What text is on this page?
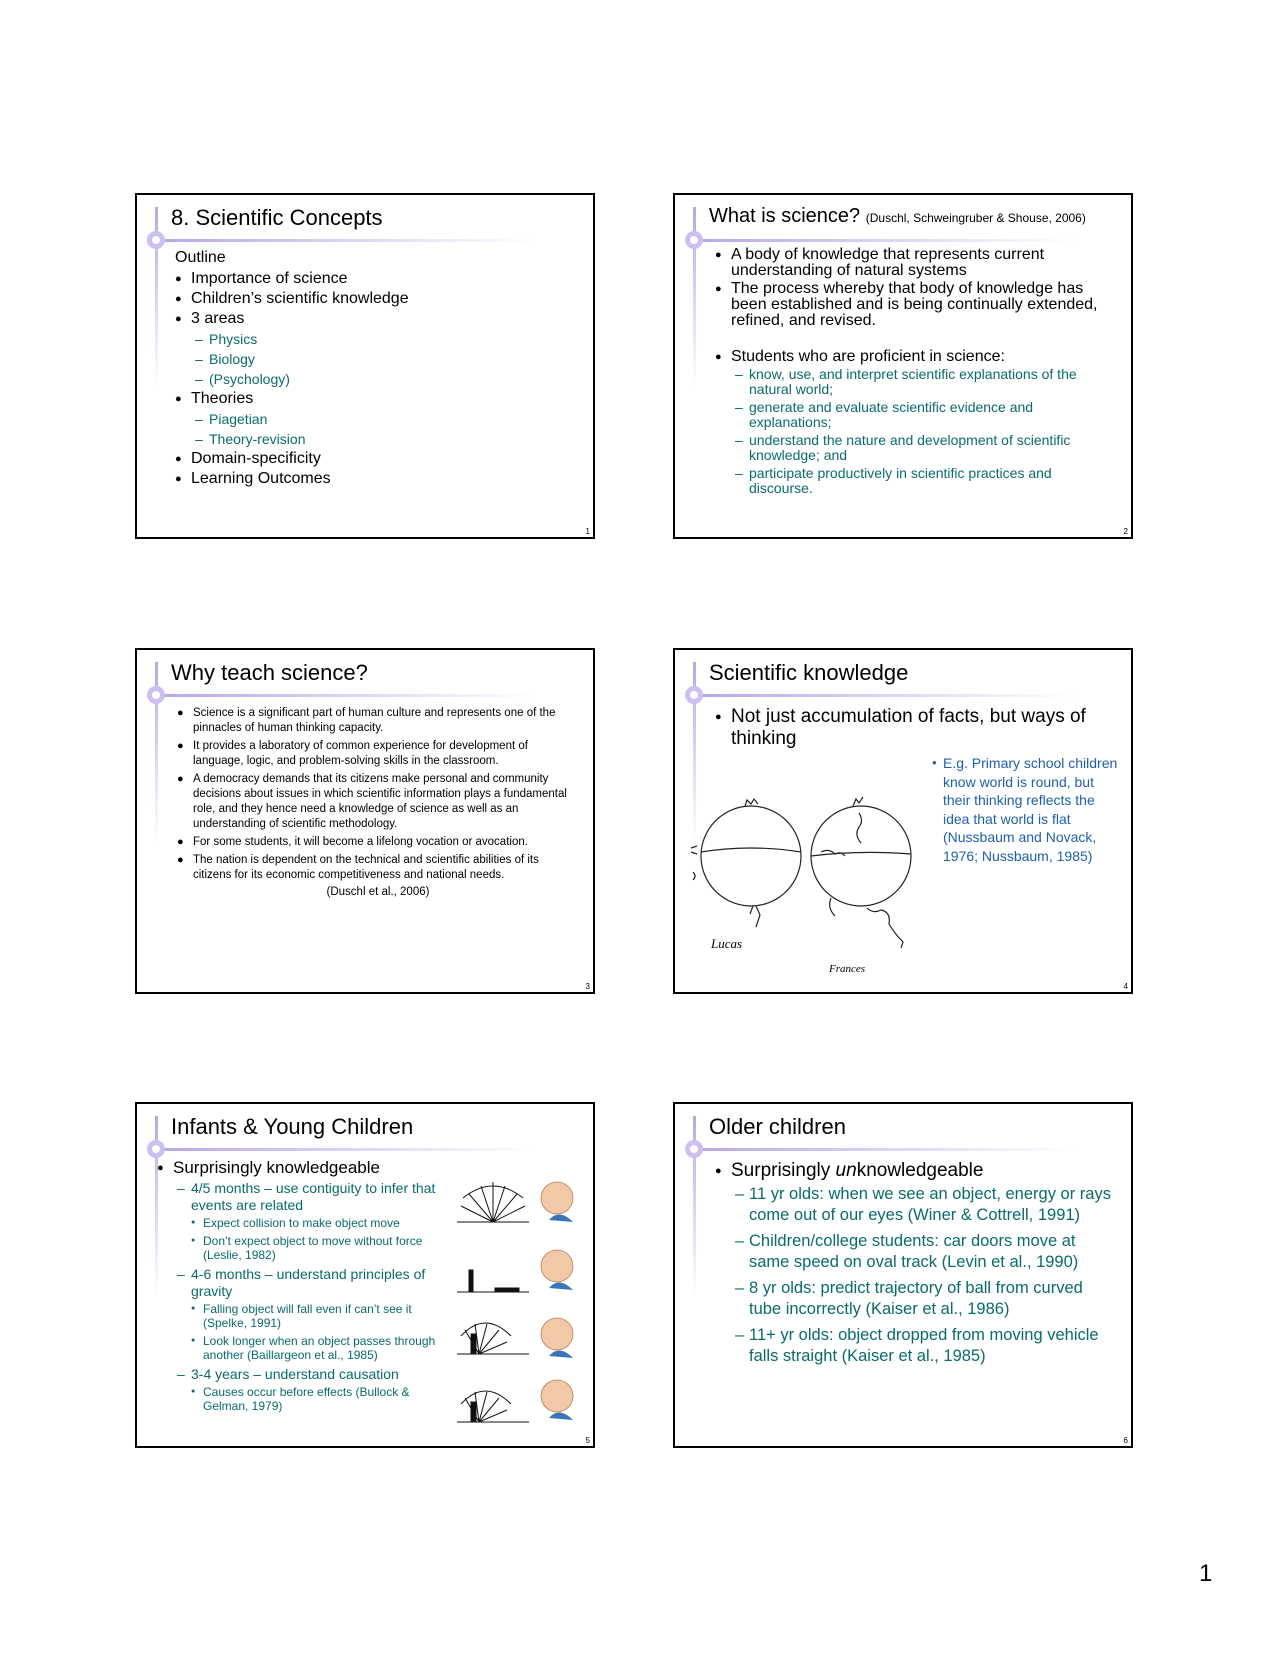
8. Scientific Concepts
Outline
● Importance of science
● Children’s scientific knowledge
● 3 areas
– Physics
– Biology
– (Psychology)
● Theories
– Piagetian
– Theory-revision
● Domain-specificity
● Learning Outcomes
1
What is science? (Duschl, Schweingruber & Shouse, 2006)
● A body of knowledge that represents current understanding of natural systems
● The process whereby that body of knowledge has been established and is being continually extended, refined, and revised.
● Students who are proficient in science:
– know, use, and interpret scientific explanations of the natural world;
– generate and evaluate scientific evidence and explanations;
– understand the nature and development of scientific knowledge; and
– participate productively in scientific practices and discourse.
2
Why teach science?
● Science is a significant part of human culture and represents one of the pinnacles of human thinking capacity.
● It provides a laboratory of common experience for development of language, logic, and problem-solving skills in the classroom.
● A democracy demands that its citizens make personal and community decisions about issues in which scientific information plays a fundamental role, and they hence need a knowledge of science as well as an understanding of scientific methodology.
● For some students, it will become a lifelong vocation or avocation.
● The nation is dependent on the technical and scientific abilities of its citizens for its economic competitiveness and national needs.
(Duschl et al., 2006)
3
Scientific knowledge
● Not just accumulation of facts, but ways of thinking
● E.g. Primary school children know world is round, but their thinking reflects the idea that world is flat (Nussbaum and Novack, 1976; Nussbaum, 1985)
Lucas
Frances
4
Infants & Young Children
● Surprisingly knowledgeable
– 4/5 months – use contiguity to infer that events are related
● Expect collision to make object move
● Don’t expect object to move without force (Leslie, 1982)
– 4-6 months – understand principles of gravity
● Falling object will fall even if can’t see it (Spelke, 1991)
● Look longer when an object passes through another (Baillargeon et al., 1985)
– 3-4 years – understand causation
● Causes occur before effects (Bullock & Gelman, 1979)
5
Older children
● Surprisingly unknowledgeable
– 11 yr olds: when we see an object, energy or rays come out of our eyes (Winer & Cottrell, 1991)
– Children/college students: car doors move at same speed on oval track (Levin et al., 1990)
– 8 yr olds: predict trajectory of ball from curved tube incorrectly (Kaiser et al., 1986)
– 11+ yr olds: object dropped from moving vehicle falls straight (Kaiser et al., 1985)
6
1
